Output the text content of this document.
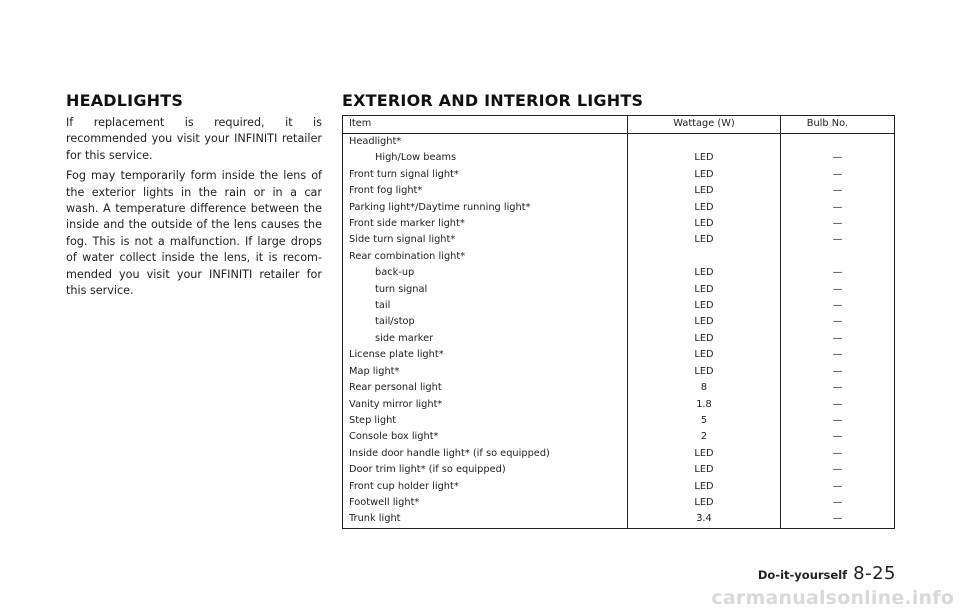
HEADLIGHTS

If replacement is required, it is recommended you visit your INFINITI retailer for this service.

Fog may temporarily form inside the lens of the exterior lights in the rain or in a car wash. A temperature difference between the inside and the outside of the lens causes the fog. This is not a malfunction. If large drops of water collect inside the lens, it is recom-mended you visit your INFINITI retailer for this service.

EXTERIOR AND INTERIOR LIGHTS
Item	Wattage (W)	Bulb No.
Headlight*		
High/Low beams	LED	—
Front turn signal light*	LED	—
Front fog light*	LED	—
Parking light*/Daytime running light*	LED	—
Front side marker light*	LED	—
Side turn signal light*	LED	—
Rear combination light*		
back-up	LED	—
turn signal	LED	—
tail	LED	—
tail/stop	LED	—
side marker	LED	—
License plate light*	LED	—
Map light*	LED	—
Rear personal light	8	—
Vanity mirror light*	1.8	—
Step light	5	—
Console box light*	2	—
Inside door handle light* (if so equipped)	LED	—
Door trim light* (if so equipped)	LED	—
Front cup holder light*	LED	—
Footwell light*	LED	—
Trunk light	3.4	—
Do-it-yourself 8-25
carmanualsonline.info
